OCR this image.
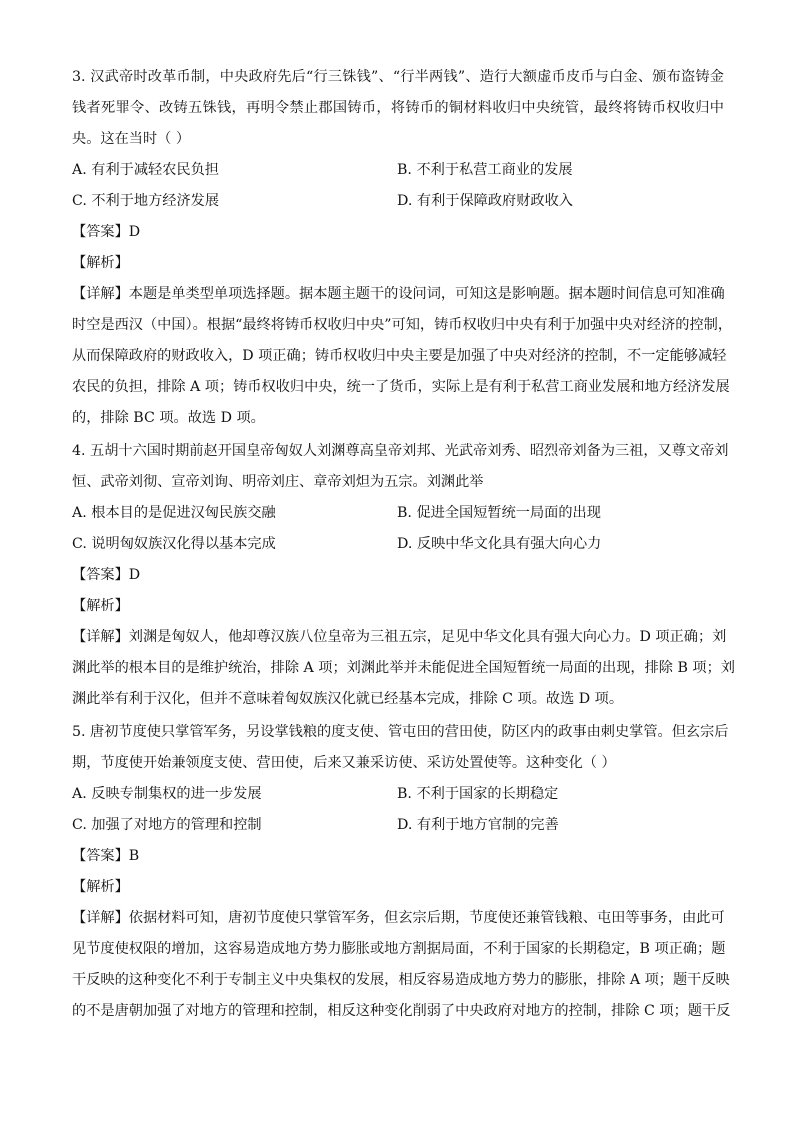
3. 汉武帝时改革币制，中央政府先后“行三铢钱”、“行半两钱”、造行大额虚币皮币与白金、颁布盗铸金
钱者死罪令、改铸五铢钱，再明令禁止郡国铸币，将铸币的铜材料收归中央统管，最终将铸币权收归中
央。这在当时（ ）
A. 有利于减轻农民负担	B. 不利于私营工商业的发展
C. 不利于地方经济发展	D. 有利于保障政府财政收入
【答案】D
【解析】
【详解】本题是单类型单项选择题。据本题主题干的设问词，可知这是影响题。据本题时间信息可知准确
时空是西汉（中国）。根据“最终将铸币权收归中央”可知，铸币权收归中央有利于加强中央对经济的控制，
从而保障政府的财政收入，D 项正确；铸币权收归中央主要是加强了中央对经济的控制，不一定能够减轻
农民的负担，排除 A 项；铸币权收归中央，统一了货币，实际上是有利于私营工商业发展和地方经济发展
的，排除 BC 项。故选 D 项。
4. 五胡十六国时期前赵开国皇帝匈奴人刘渊尊高皇帝刘邦、光武帝刘秀、昭烈帝刘备为三祖，又尊文帝刘
恒、武帝刘彻、宣帝刘询、明帝刘庄、章帝刘炟为五宗。刘渊此举
A. 根本目的是促进汉匈民族交融	B. 促进全国短暂统一局面的出现
C. 说明匈奴族汉化得以基本完成	D. 反映中华文化具有强大向心力
【答案】D
【解析】
【详解】刘渊是匈奴人，他却尊汉族八位皇帝为三祖五宗，足见中华文化具有强大向心力。D 项正确；刘
渊此举的根本目的是维护统治，排除 A 项；刘渊此举并未能促进全国短暂统一局面的出现，排除 B 项；刘
渊此举有利于汉化，但并不意味着匈奴族汉化就已经基本完成，排除 C 项。故选 D 项。
5. 唐初节度使只掌管军务，另设掌钱粮的度支使、管屯田的营田使，防区内的政事由刺史掌管。但玄宗后
期，节度使开始兼领度支使、营田使，后来又兼采访使、采访处置使等。这种变化（ ）
A. 反映专制集权的进一步发展	B. 不利于国家的长期稳定
C. 加强了对地方的管理和控制	D. 有利于地方官制的完善
【答案】B
【解析】
【详解】依据材料可知，唐初节度使只掌管军务，但玄宗后期，节度使还兼管钱粮、屯田等事务，由此可
见节度使权限的增加，这容易造成地方势力膨胀或地方割据局面，不利于国家的长期稳定，B 项正确；题
干反映的这种变化不利于专制主义中央集权的发展，相反容易造成地方势力的膨胀，排除 A 项；题干反映
的不是唐朝加强了对地方的管理和控制，相反这种变化削弱了中央政府对地方的控制，排除 C 项；题干反
